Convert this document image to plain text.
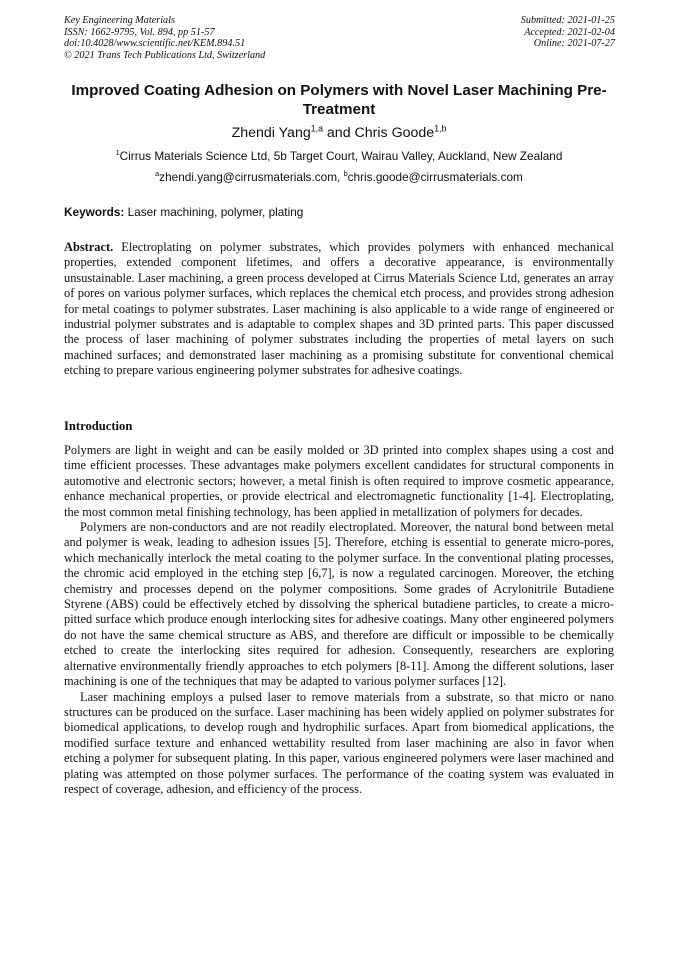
Key Engineering Materials
ISSN: 1662-9795, Vol. 894, pp 51-57
doi:10.4028/www.scientific.net/KEM.894.51
© 2021 Trans Tech Publications Ltd, Switzerland
Submitted: 2021-01-25
Accepted: 2021-02-04
Online: 2021-07-27
Improved Coating Adhesion on Polymers with Novel Laser Machining Pre-Treatment
Zhendi Yang$^{1,a}$ and Chris Goode$^{1,b}$
$^1$Cirrus Materials Science Ltd, 5b Target Court, Wairau Valley, Auckland, New Zealand
$^a$zhendi.yang@cirrusmaterials.com, $^b$chris.goode@cirrusmaterials.com
Keywords: Laser machining, polymer, plating
Abstract. Electroplating on polymer substrates, which provides polymers with enhanced mechanical properties, extended component lifetimes, and offers a decorative appearance, is environmentally unsustainable. Laser machining, a green process developed at Cirrus Materials Science Ltd, generates an array of pores on various polymer surfaces, which replaces the chemical etch process, and provides strong adhesion for metal coatings to polymer substrates. Laser machining is also applicable to a wide range of engineered or industrial polymer substrates and is adaptable to complex shapes and 3D printed parts. This paper discussed the process of laser machining of polymer substrates including the properties of metal layers on such machined surfaces; and demonstrated laser machining as a promising substitute for conventional chemical etching to prepare various engineering polymer substrates for adhesive coatings.
Introduction

Polymers are light in weight and can be easily molded or 3D printed into complex shapes using a cost and time efficient processes. These advantages make polymers excellent candidates for structural components in automotive and electronic sectors; however, a metal finish is often required to improve cosmetic appearance, enhance mechanical properties, or provide electrical and electromagnetic functionality [1-4]. Electroplating, the most common metal finishing technology, has been applied in metallization of polymers for decades.

Polymers are non-conductors and are not readily electroplated. Moreover, the natural bond between metal and polymer is weak, leading to adhesion issues [5]. Therefore, etching is essential to generate micro-pores, which mechanically interlock the metal coating to the polymer surface. In the conventional plating processes, the chromic acid employed in the etching step [6,7], is now a regulated carcinogen. Moreover, the etching chemistry and processes depend on the polymer compositions. Some grades of Acrylonitrile Butadiene Styrene (ABS) could be effectively etched by dissolving the spherical butadiene particles, to create a micro-pitted surface which produce enough interlocking sites for adhesive coatings. Many other engineered polymers do not have the same chemical structure as ABS, and therefore are difficult or impossible to be chemically etched to create the interlocking sites required for adhesion. Consequently, researchers are exploring alternative environmentally friendly approaches to etch polymers [8-11]. Among the different solutions, laser machining is one of the techniques that may be adapted to various polymer surfaces [12].

Laser machining employs a pulsed laser to remove materials from a substrate, so that micro or nano structures can be produced on the surface. Laser machining has been widely applied on polymer substrates for biomedical applications, to develop rough and hydrophilic surfaces. Apart from biomedical applications, the modified surface texture and enhanced wettability resulted from laser machining are also in favor when etching a polymer for subsequent plating. In this paper, various engineered polymers were laser machined and plating was attempted on those polymer surfaces. The performance of the coating system was evaluated in respect of coverage, adhesion, and efficiency of the process.
